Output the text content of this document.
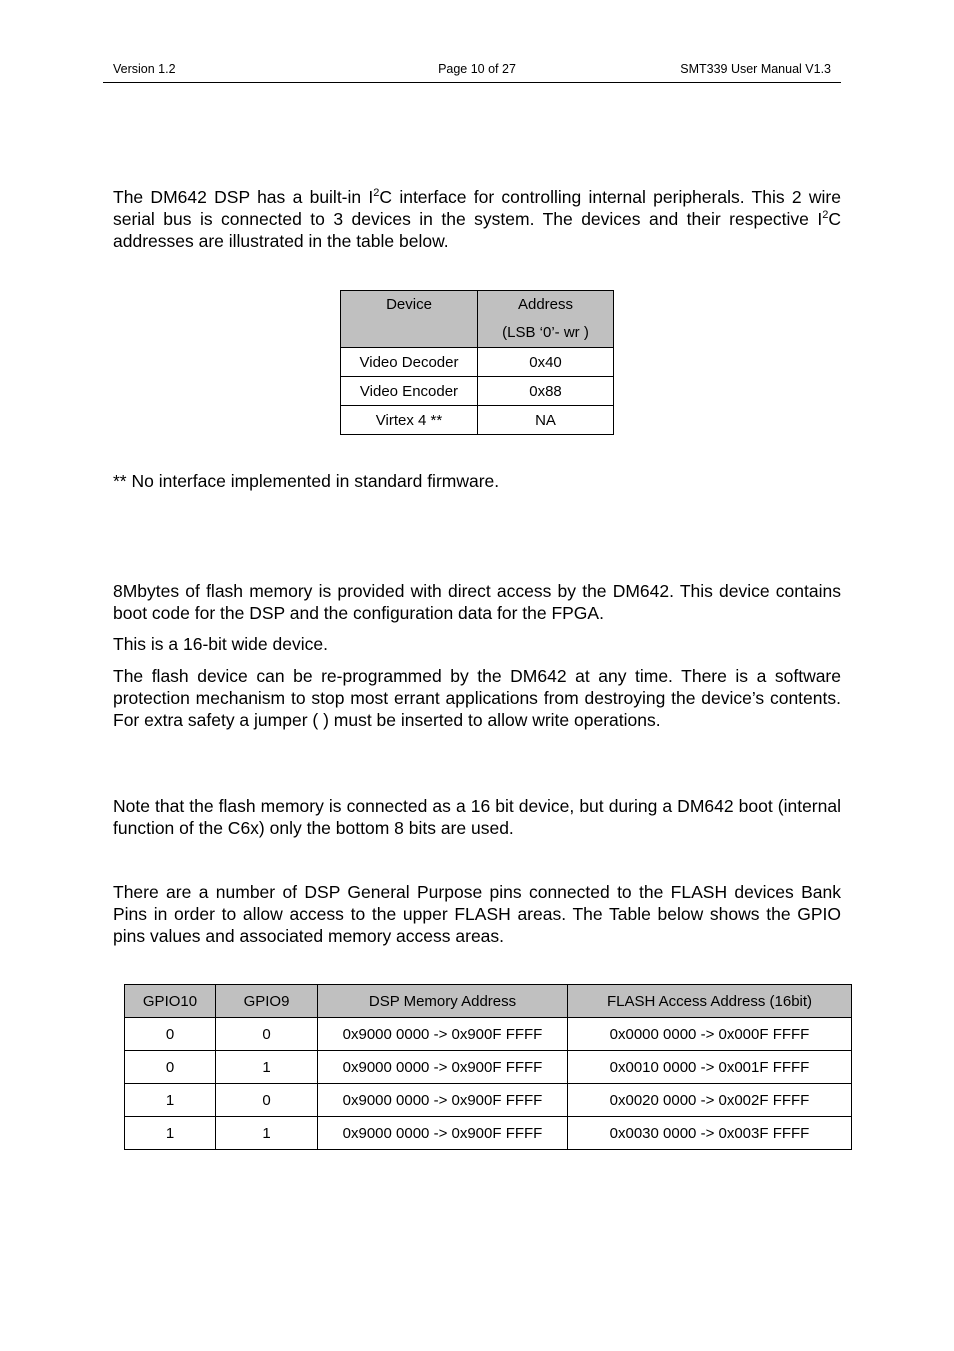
Version 1.2	Page 10 of 27	SMT339 User Manual V1.3
The DM642 DSP has a built-in $I^2C$ interface for controlling internal peripherals. This 2 wire serial bus is connected to 3 devices in the system. The devices and their respective $I^2C$ addresses are illustrated in the table below.
Device	Address
(LSB ‘0’- wr )

Video Decoder	0x40
Video Encoder	0x88
Virtex 4 **	NA
** No interface implemented in standard firmware.
8Mbytes of flash memory is provided with direct access by the DM642. This device contains boot code for the DSP and the configuration data for the FPGA.
This is a 16-bit wide device.
The flash device can be re-programmed by the DM642 at any time. There is a software protection mechanism to stop most errant applications from destroying the device’s contents. For extra safety a jumper ( ) must be inserted to allow write operations.
Note that the flash memory is connected as a 16 bit device, but during a DM642 boot (internal function of the C6x) only the bottom 8 bits are used.
There are a number of DSP General Purpose pins connected to the FLASH devices Bank Pins in order to allow access to the upper FLASH areas. The Table below shows the GPIO pins values and associated memory access areas.
GPIO10	GPIO9	DSP Memory Address	FLASH Access Address (16bit)
0	0	0x9000 0000 -> 0x900F FFFF	0x0000 0000 -> 0x000F FFFF
0	1	0x9000 0000 -> 0x900F FFFF	0x0010 0000 -> 0x001F FFFF
1	0	0x9000 0000 -> 0x900F FFFF	0x0020 0000 -> 0x002F FFFF
1	1	0x9000 0000 -> 0x900F FFFF	0x0030 0000 -> 0x003F FFFF
